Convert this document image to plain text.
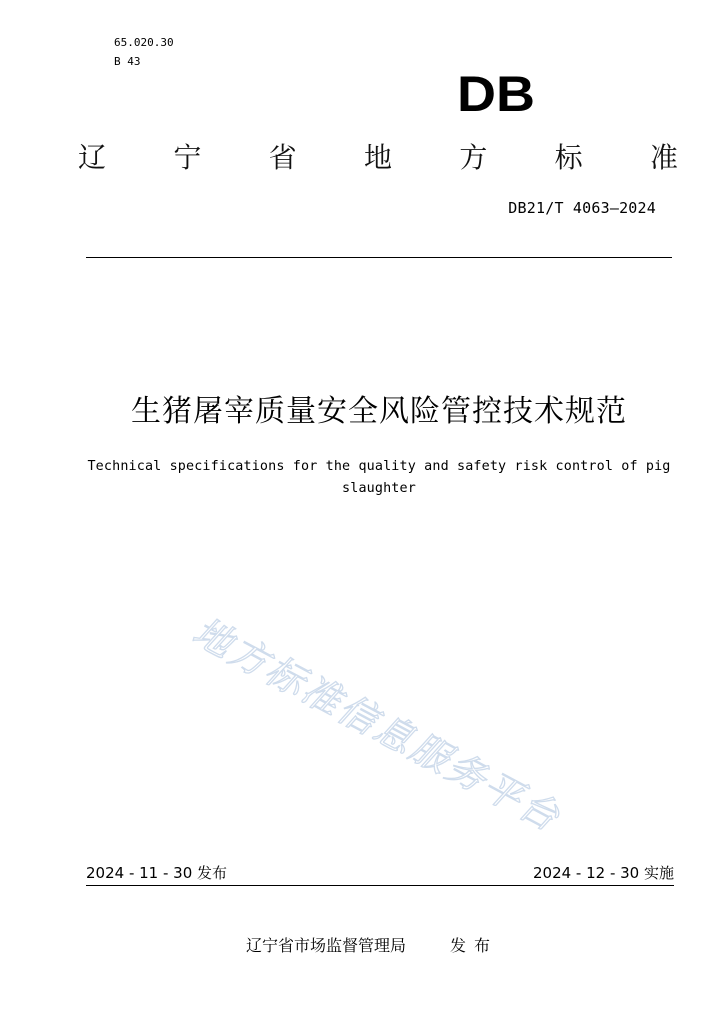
65.020.30
B 43
DB
辽 宁 省 地 方 标 准
DB21/T 4063—2024
生猪屠宰质量安全风险管控技术规范
Technical specifications for the quality and safety risk control of pig
slaughter
地方标准信息服务平台
2024 - 11 - 30 发布	2024 - 12 - 30 实施
辽宁省市场监督管理局	发布
